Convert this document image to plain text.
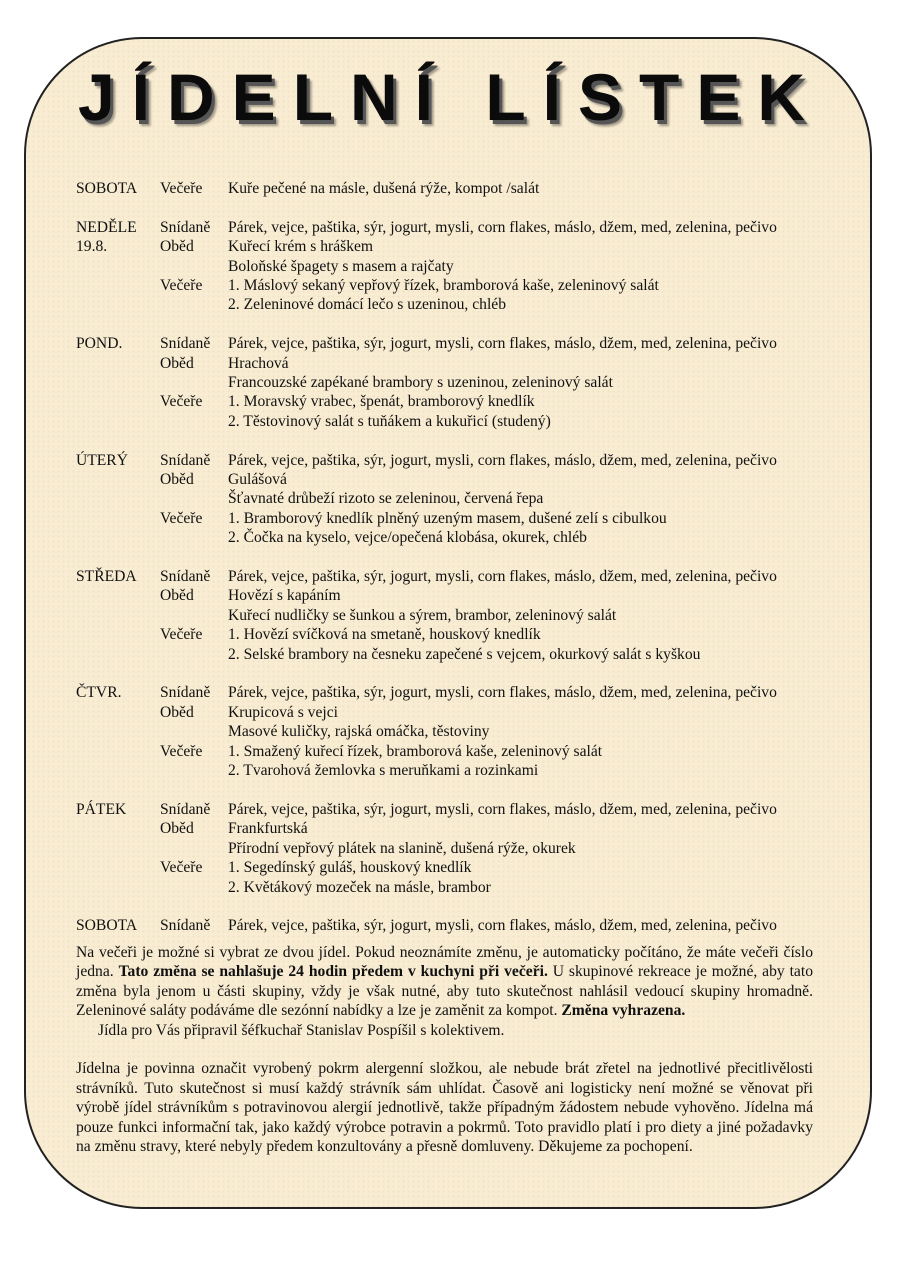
JÍDELNÍ LÍSTEK
SOBOTA	Večeře	Kuře pečené na másle, dušená rýže, kompot /salát
NEDĚLE	Snídaně	Párek, vejce, paštika, sýr, jogurt, mysli, corn flakes, máslo, džem, med, zelenina, pečivo
19.8.	Oběd	Kuřecí krém s hráškem
Boloňské špagety s masem a rajčaty
Večeře	1. Máslový sekaný vepřový řízek, bramborová kaše, zeleninový salát
2. Zeleninové domácí lečo s uzeninou, chléb
POND.	Snídaně	Párek, vejce, paštika, sýr, jogurt, mysli, corn flakes, máslo, džem, med, zelenina, pečivo
Oběd	Hrachová
Francouzské zapékané brambory s uzeninou, zeleninový salát
Večeře	1. Moravský vrabec, špenát, bramborový knedlík
2. Těstovinový salát s tuňákem a kukuřicí (studený)
ÚTERÝ	Snídaně	Párek, vejce, paštika, sýr, jogurt, mysli, corn flakes, máslo, džem, med, zelenina, pečivo
Oběd	Gulášová
Šťavnaté drůbeží rizoto se zeleninou, červená řepa
Večeře	1. Bramborový knedlík plněný uzeným masem, dušené zelí s cibulkou
2. Čočka na kyselo, vejce/opečená klobása, okurek, chléb
STŘEDA	Snídaně	Párek, vejce, paštika, sýr, jogurt, mysli, corn flakes, máslo, džem, med, zelenina, pečivo
Oběd	Hovězí s kapáním
Kuřecí nudličky se šunkou a sýrem, brambor, zeleninový salát
Večeře	1. Hovězí svíčková na smetaně, houskový knedlík
2. Selské brambory na česneku zapečené s vejcem, okurkový salát s kyškou
ČTVR.	Snídaně	Párek, vejce, paštika, sýr, jogurt, mysli, corn flakes, máslo, džem, med, zelenina, pečivo
Oběd	Krupicová s vejci
Masové kuličky, rajská omáčka, těstoviny
Večeře	1. Smažený kuřecí řízek, bramborová kaše, zeleninový salát
2. Tvarohová žemlovka s meruňkami a rozinkami
PÁTEK	Snídaně	Párek, vejce, paštika, sýr, jogurt, mysli, corn flakes, máslo, džem, med, zelenina, pečivo
Oběd	Frankfurtská
Přírodní vepřový plátek na slanině, dušená rýže, okurek
Večeře	1. Segedínský guláš, houskový knedlík
2. Květákový mozeček na másle, brambor
SOBOTA	Snídaně	Párek, vejce, paštika, sýr, jogurt, mysli, corn flakes, máslo, džem, med, zelenina, pečivo

Na večeři je možné si vybrat ze dvou jídel. Pokud neoznámíte změnu, je automaticky počítáno, že máte večeři číslo jedna. Tato změna se nahlašuje 24 hodin předem v kuchyni při večeři. U skupinové rekreace je možné, aby tato změna byla jenom u části skupiny, vždy je však nutné, aby tuto skutečnost nahlásil vedoucí skupiny hromadně. Zeleninové saláty podáváme dle sezónní nabídky a lze je zaměnit za kompot. Změna vyhrazena.
Jídla pro Vás připravil šéfkuchař Stanislav Pospíšil s kolektivem.

Jídelna je povinna označit vyrobený pokrm alergenní složkou, ale nebude brát zřetel na jednotlivé přecitlivělosti strávníků. Tuto skutečnost si musí každý strávník sám uhlídat. Časově ani logisticky není možné se věnovat při výrobě jídel strávníkům s potravinovou alergií jednotlivě, takže případným žádostem nebude vyhověno. Jídelna má pouze funkci informační tak, jako každý výrobce potravin a pokrmů. Toto pravidlo platí i pro diety a jiné požadavky na změnu stravy, které nebyly předem konzultovány a přesně domluveny. Děkujeme za pochopení.
